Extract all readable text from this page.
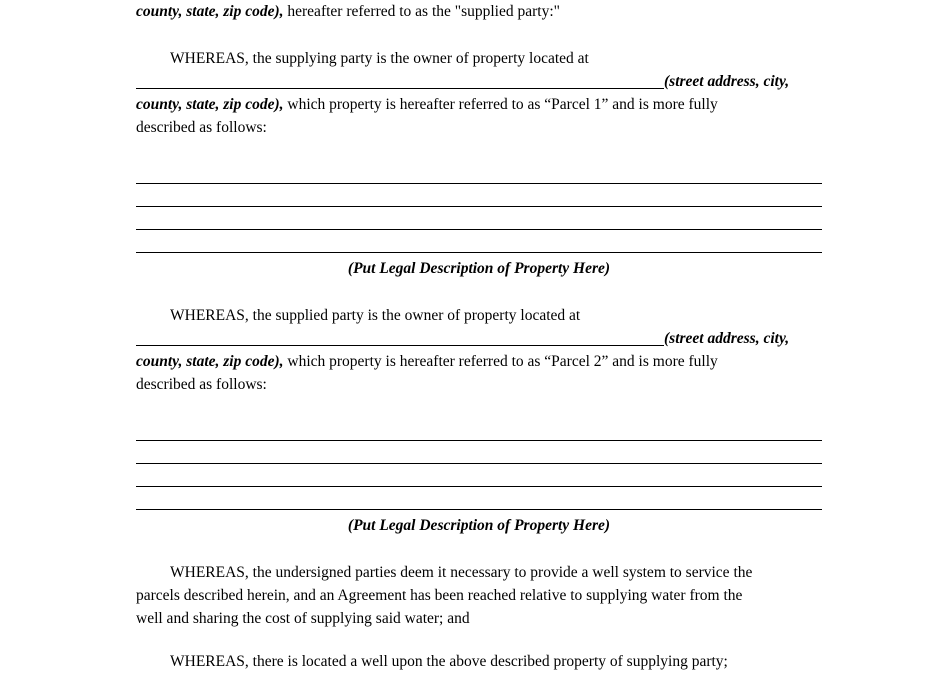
county, state, zip code), hereafter referred to as the "supplied party:"
WHEREAS, the supplying party is the owner of property located at
(street address, city,
county, state, zip code), which property is hereafter referred to as “Parcel 1” and is more fully
described as follows:
(Put Legal Description of Property Here)
WHEREAS, the supplied party is the owner of property located at
(street address, city,
county, state, zip code), which property is hereafter referred to as “Parcel 2” and is more fully
described as follows:
(Put Legal Description of Property Here)
WHEREAS, the undersigned parties deem it necessary to provide a well system to service the
parcels described herein, and an Agreement has been reached relative to supplying water from the
well and sharing the cost of supplying said water; and
WHEREAS, there is located a well upon the above described property of supplying party;
